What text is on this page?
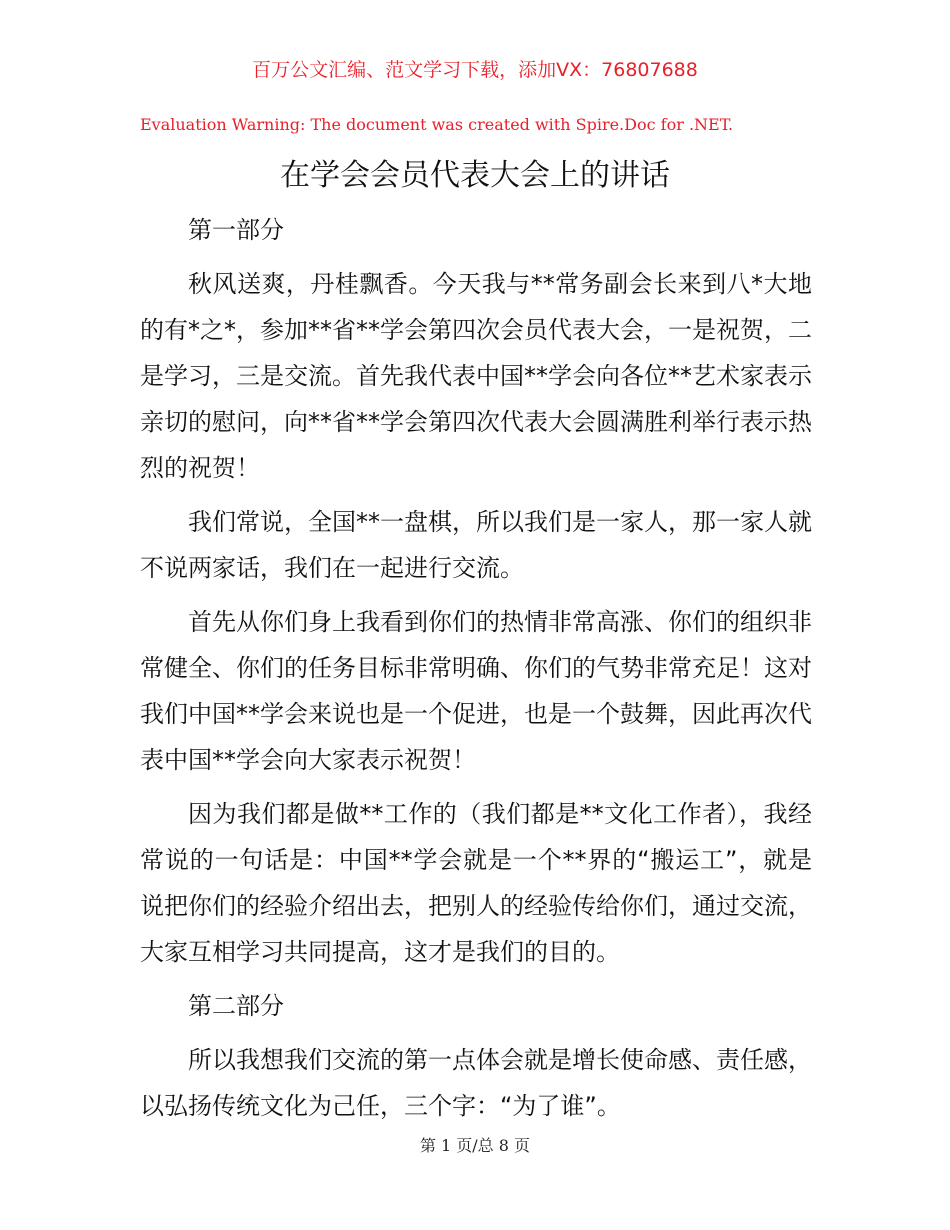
百万公文汇编、范文学习下载，添加VX：76807688
Evaluation Warning: The document was created with Spire.Doc for .NET.
在学会会员代表大会上的讲话

第一部分

秋风送爽，丹桂飘香。今天我与**常务副会长来到八*大地的有*之*，参加**省**学会第四次会员代表大会，一是祝贺，二是学习，三是交流。首先我代表中国**学会向各位**艺术家表示亲切的慰问，向**省**学会第四次代表大会圆满胜利举行表示热烈的祝贺！

我们常说，全国**一盘棋，所以我们是一家人，那一家人就不说两家话，我们在一起进行交流。

首先从你们身上我看到你们的热情非常高涨、你们的组织非常健全、你们的任务目标非常明确、你们的气势非常充足！这对我们中国**学会来说也是一个促进，也是一个鼓舞，因此再次代表中国**学会向大家表示祝贺！

因为我们都是做**工作的（我们都是**文化工作者），我经常说的一句话是：中国**学会就是一个**界的“搬运工”，就是说把你们的经验介绍出去，把别人的经验传给你们，通过交流，大家互相学习共同提高，这才是我们的目的。

第二部分

所以我想我们交流的第一点体会就是增长使命感、责任感，以弘扬传统文化为己任，三个字：“为了谁”。

第 1 页/总 8 页
